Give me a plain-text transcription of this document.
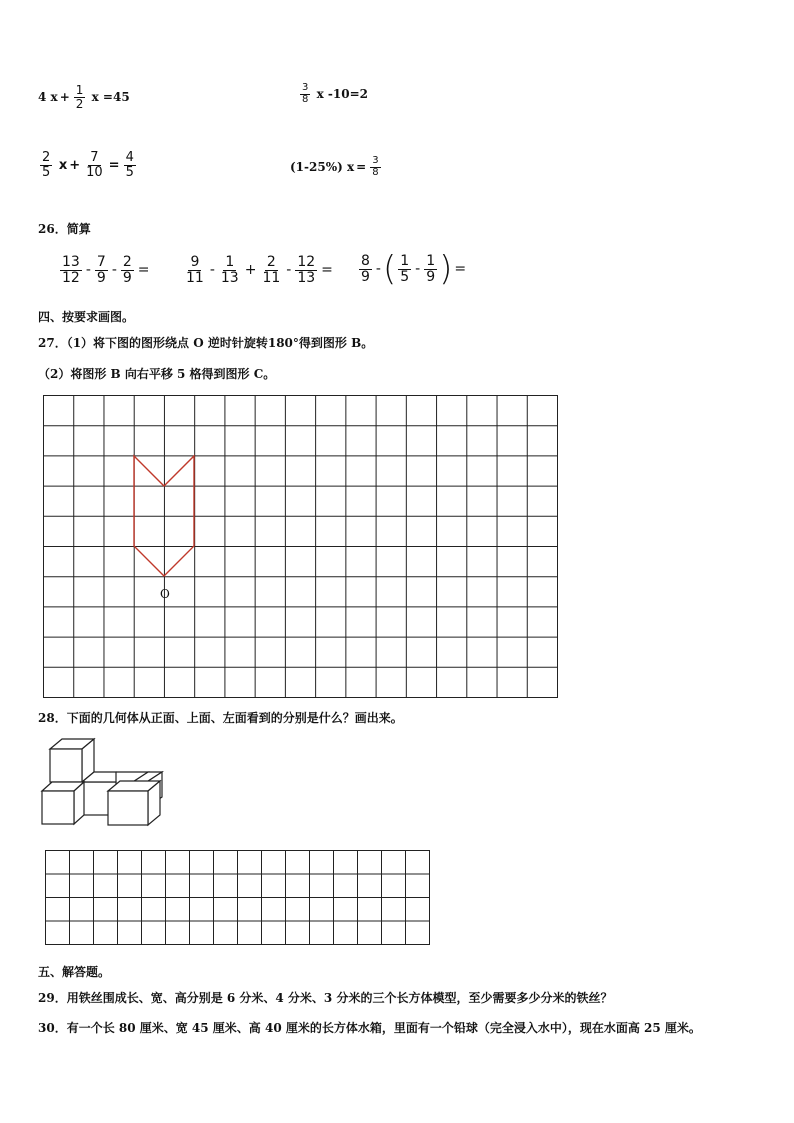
4
$x + \frac{1}{2}$
x =45	$\frac{3}{8}$
x -10=2
$\frac{2}{5}$
$x + \frac{7}{10} = \frac{4}{5}$	(1-25%)
$x = \frac{3}{8}$
26．简算
$\frac{13}{12} - \frac{7}{9} - \frac{2}{9} = \frac{9}{11} - \frac{1}{13} + \frac{2}{11} - \frac{12}{13} = \frac{8}{9}$ - ( $\frac{1}{5} - \frac{1}{9}$ ) =
四、按要求画图。
27．（1）将下图的图形绕点 O 逆时针旋转180°得到图形 B。
（2）将图形 B 向右平移 5 格得到图形 C。
O
28．下面的几何体从正面、上面、左面看到的分别是什么？画出来。
五、解答题。
29．用铁丝围成长、宽、高分别是 6 分米、4 分米、3 分米的三个长方体模型，至少需要多少分米的铁丝？
30．有一个长 80 厘米、宽 45 厘米、高 40 厘米的长方体水箱，里面有一个铅球（完全浸入水中），现在水面高 25 厘米。
